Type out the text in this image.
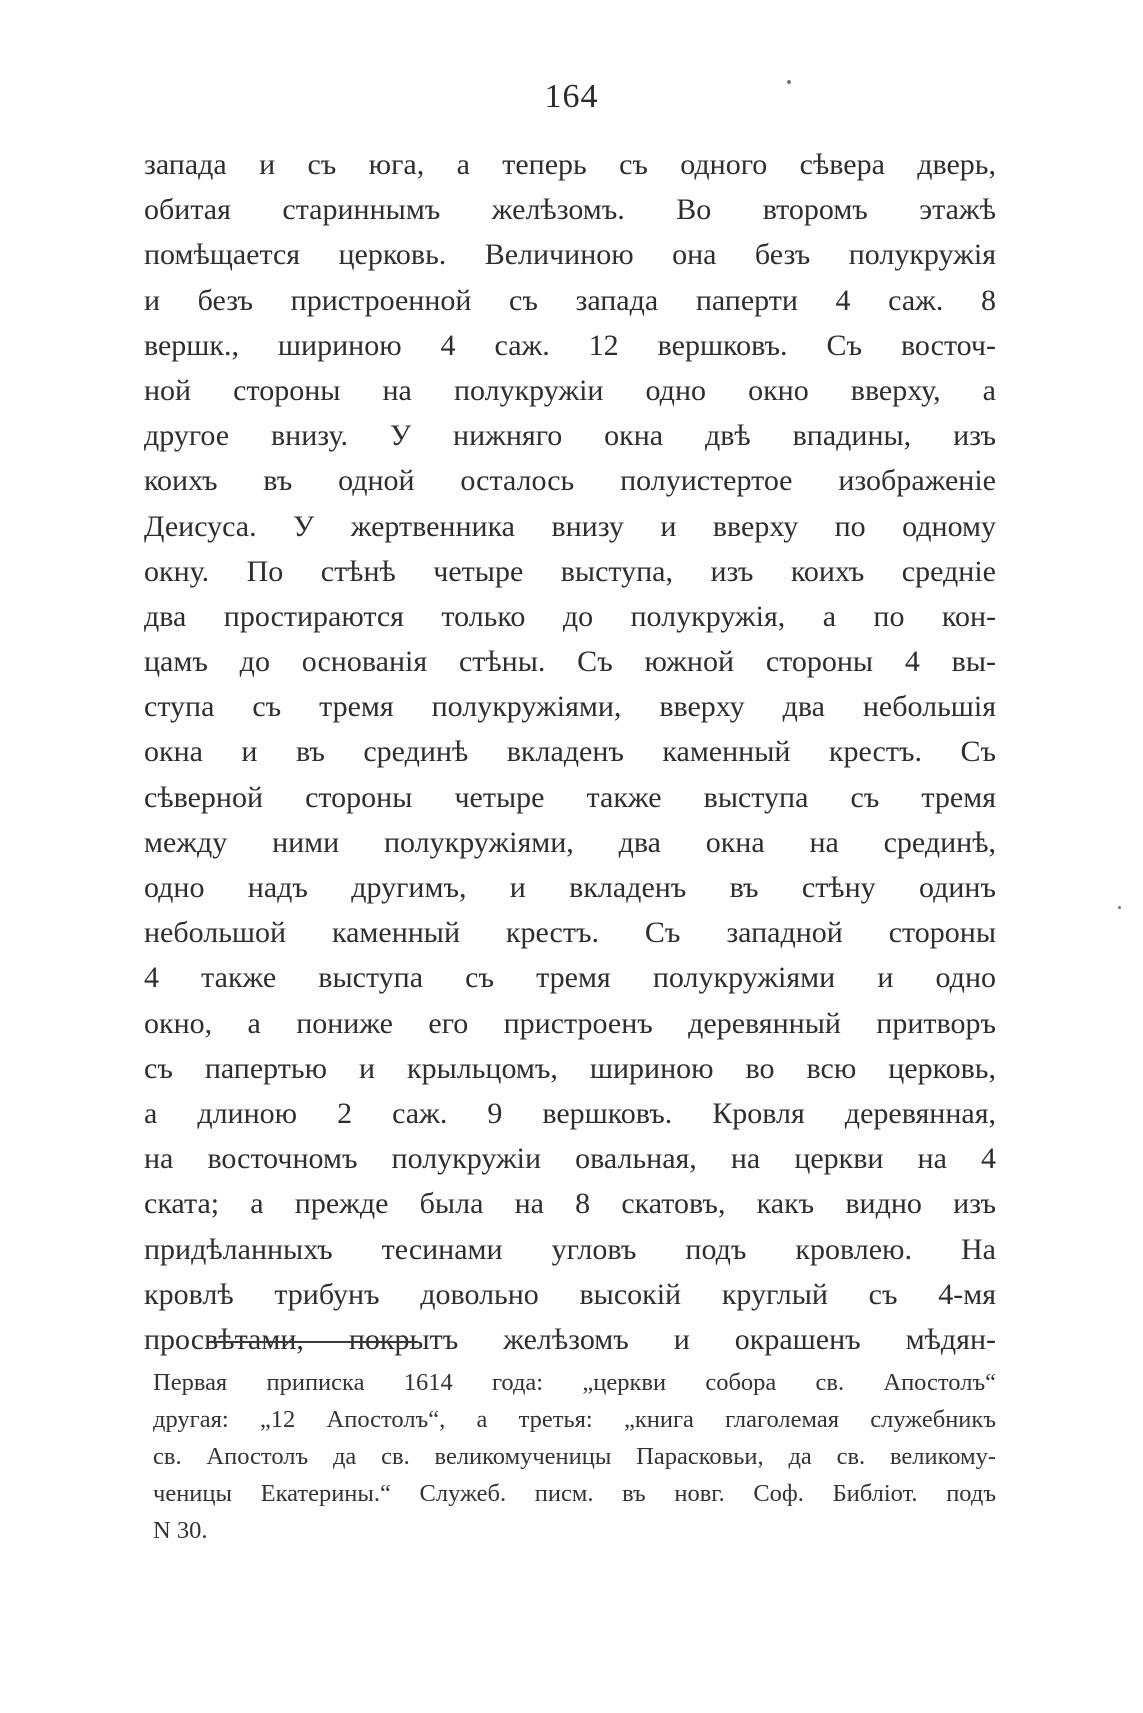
164
запада и съ юга, а теперь съ одного сѣвера дверь,
обитая стариннымъ желѣзомъ. Во второмъ этажѣ
помѣщается церковь. Величиною она безъ полукружія
и безъ пристроенной съ запада паперти 4 саж. 8
вершк., шириною 4 саж. 12 вершковъ. Съ восточ-
ной стороны на полукружіи одно окно вверху, а
другое внизу. У нижняго окна двѣ впадины, изъ
коихъ въ одной осталось полуистертое изображеніе
Деисуса. У жертвенника внизу и вверху по одному
окну. По стѣнѣ четыре выступа, изъ коихъ средніе
два простираются только до полукружія, а по кон-
цамъ до основанія стѣны. Съ южной стороны 4 вы-
ступа съ тремя полукружіями, вверху два небольшія
окна и въ срединѣ вкладенъ каменный крестъ. Съ
сѣверной стороны четыре также выступа съ тремя
между ними полукружіями, два окна на срединѣ,
одно надъ другимъ, и вкладенъ въ стѣну одинъ
небольшой каменный крестъ. Съ западной стороны
4 также выступа съ тремя полукружіями и одно
окно, а пониже его пристроенъ деревянный притворъ
съ папертью и крыльцомъ, шириною во всю церковь,
а длиною 2 саж. 9 вершковъ. Кровля деревянная,
на восточномъ полукружіи овальная, на церкви на 4
ската; а прежде была на 8 скатовъ, какъ видно изъ
придѣланныхъ тесинами угловъ подъ кровлею. На
кровлѣ трибунъ довольно высокій круглый съ 4-мя
просвѣтами, покрытъ желѣзомъ и окрашенъ мѣдян-
Первая приписка 1614 года: „церкви собора св. Апостолъ“
другая: „12 Апостолъ“, а третья: „книга глаголемая служебникъ
св. Апостолъ да св. великомученицы Парасковьи, да св. великому-
ченицы Екатерины.“ Служеб. писм. въ новг. Соф. Библіот. подъ
N 30.
